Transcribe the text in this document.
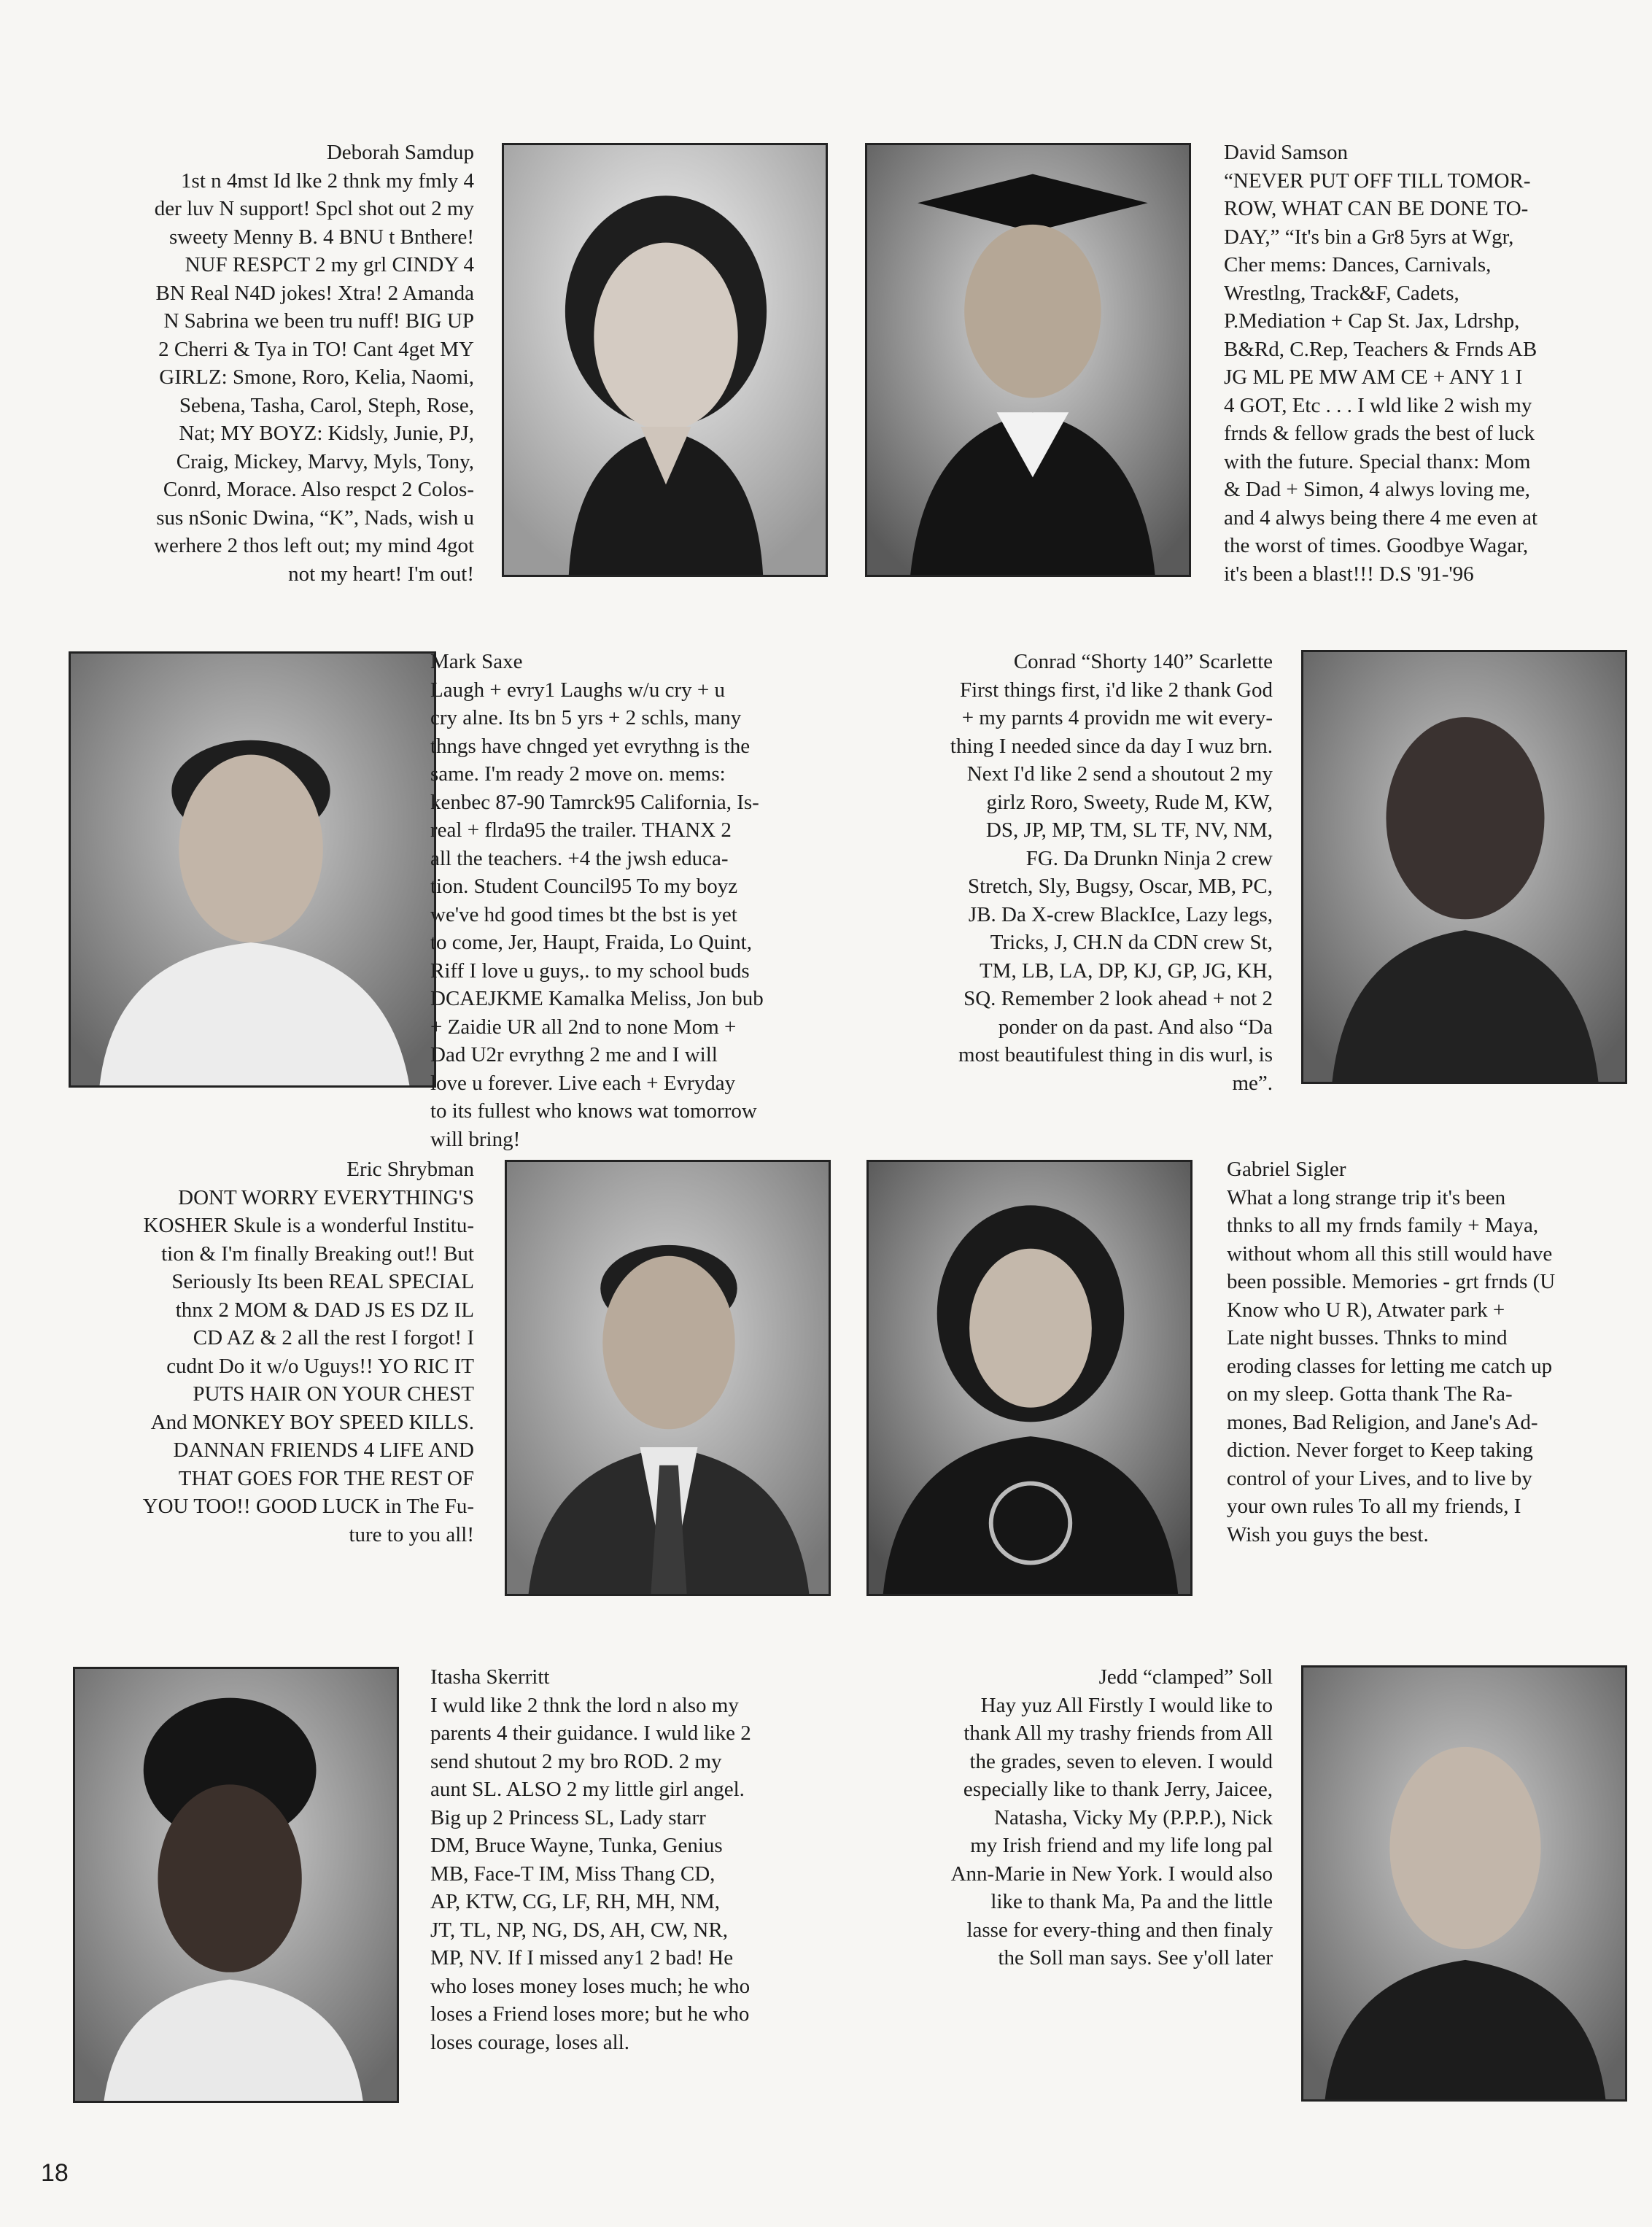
Deborah Samdup
1st n 4mst Id lke 2 thnk my fmly 4
der luv N support! Spcl shot out 2 my
sweety Menny B. 4 BNU t Bnthere!
NUF RESPCT 2 my grl CINDY 4
BN Real N4D jokes! Xtra! 2 Amanda
N Sabrina we been tru nuff! BIG UP
2 Cherri & Tya in TO! Cant 4get MY
GIRLZ: Smone, Roro, Kelia, Naomi,
Sebena, Tasha, Carol, Steph, Rose,
Nat; MY BOYZ: Kidsly, Junie, PJ,
Craig, Mickey, Marvy, Myls, Tony,
Conrd, Morace. Also respct 2 Colos-
sus nSonic Dwina, “K”, Nads, wish u
werhere 2 thos left out; my mind 4got
not my heart! I'm out!
David Samson
“NEVER PUT OFF TILL TOMOR-
ROW, WHAT CAN BE DONE TO-
DAY,” “It's bin a Gr8 5yrs at Wgr,
Cher mems: Dances, Carnivals,
Wrestlng, Track&F, Cadets,
P.Mediation + Cap St. Jax, Ldrshp,
B&Rd, C.Rep, Teachers & Frnds AB
JG ML PE MW AM CE + ANY 1 I
4 GOT, Etc . . . I wld like 2 wish my
frnds & fellow grads the best of luck
with the future. Special thanx: Mom
& Dad + Simon, 4 alwys loving me,
and 4 alwys being there 4 me even at
the worst of times. Goodbye Wagar,
it's been a blast!!! D.S '91-'96
Mark Saxe
Laugh + evry1 Laughs w/u cry + u
cry alne. Its bn 5 yrs + 2 schls, many
thngs have chnged yet evrythng is the
same. I'm ready 2 move on. mems:
kenbec 87-90 Tamrck95 California, Is-
real + flrda95 the trailer. THANX 2
all the teachers. +4 the jwsh educa-
tion. Student Council95 To my boyz
we've hd good times bt the bst is yet
to come, Jer, Haupt, Fraida, Lo Quint,
Riff I love u guys,. to my school buds
DCAEJKME Kamalka Meliss, Jon bub
+ Zaidie UR all 2nd to none Mom +
Dad U2r evrythng 2 me and I will
love u forever. Live each + Evryday
to its fullest who knows wat tomorrow
will bring!
Conrad “Shorty 140” Scarlette
First things first, i'd like 2 thank God
+ my parnts 4 providn me wit every-
thing I needed since da day I wuz brn.
Next I'd like 2 send a shoutout 2 my
girlz Roro, Sweety, Rude M, KW,
DS, JP, MP, TM, SL TF, NV, NM,
FG. Da Drunkn Ninja 2 crew
Stretch, Sly, Bugsy, Oscar, MB, PC,
JB. Da X-crew BlackIce, Lazy legs,
Tricks, J, CH.N da CDN crew St,
TM, LB, LA, DP, KJ, GP, JG, KH,
SQ. Remember 2 look ahead + not 2
ponder on da past. And also “Da
most beautifulest thing in dis wurl, is
me”.
Eric Shrybman
DONT WORRY EVERYTHING'S
KOSHER Skule is a wonderful Institu-
tion & I'm finally Breaking out!! But
Seriously Its been REAL SPECIAL
thnx 2 MOM & DAD JS ES DZ IL
CD AZ & 2 all the rest I forgot! I
cudnt Do it w/o Uguys!! YO RIC IT
PUTS HAIR ON YOUR CHEST
And MONKEY BOY SPEED KILLS.
DANNAN FRIENDS 4 LIFE AND
THAT GOES FOR THE REST OF
YOU TOO!! GOOD LUCK in The Fu-
ture to you all!
Gabriel Sigler
What a long strange trip it's been
thnks to all my frnds family + Maya,
without whom all this still would have
been possible. Memories - grt frnds (U
Know who U R), Atwater park +
Late night busses. Thnks to mind
eroding classes for letting me catch up
on my sleep. Gotta thank The Ra-
mones, Bad Religion, and Jane's Ad-
diction. Never forget to Keep taking
control of your Lives, and to live by
your own rules To all my friends, I
Wish you guys the best.
Itasha Skerritt
I wuld like 2 thnk the lord n also my
parents 4 their guidance. I wuld like 2
send shutout 2 my bro ROD. 2 my
aunt SL. ALSO 2 my little girl angel.
Big up 2 Princess SL, Lady starr
DM, Bruce Wayne, Tunka, Genius
MB, Face-T IM, Miss Thang CD,
AP, KTW, CG, LF, RH, MH, NM,
JT, TL, NP, NG, DS, AH, CW, NR,
MP, NV. If I missed any1 2 bad! He
who loses money loses much; he who
loses a Friend loses more; but he who
loses courage, loses all.
Jedd “clamped” Soll
Hay yuz All Firstly I would like to
thank All my trashy friends from All
the grades, seven to eleven. I would
especially like to thank Jerry, Jaicee,
Natasha, Vicky My (P.P.P.), Nick
my Irish friend and my life long pal
Ann-Marie in New York. I would also
like to thank Ma, Pa and the little
lasse for every-thing and then finaly
the Soll man says. See y'oll later
18
